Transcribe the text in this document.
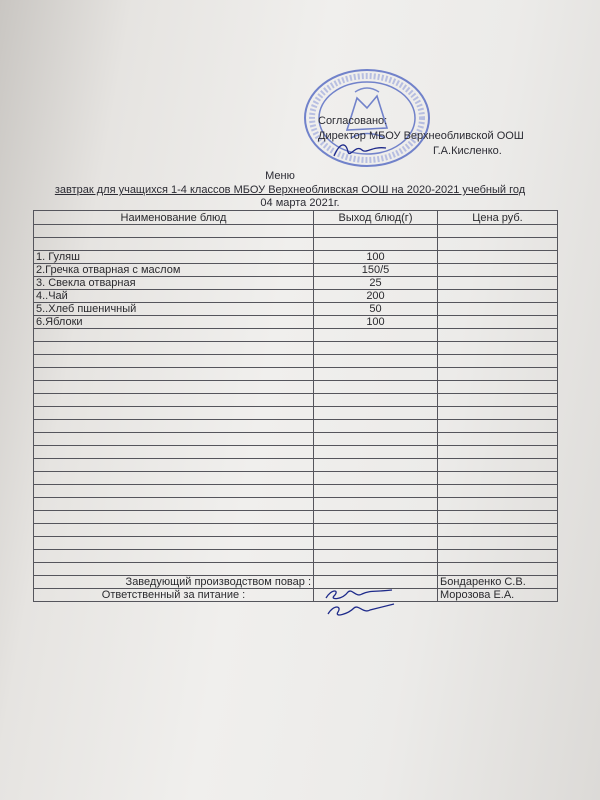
Согласовано:
Директор МБОУ Верхнеобливской ООШ
Г.А.Кисленко.
Меню
завтрак для учащихся 1-4 классов МБОУ Верхнеобливская ООШ на 2020-2021 учебный год
04 марта 2021г.
Наименование блюд	Выход блюд(г)	Цена руб.

1. Гуляш	100	
2.Гречка отварная с маслом	150/5	
3. Свекла отварная	25	
4..Чай	200	
5..Хлеб пшеничный	50	
6.Яблоки	100	

Заведующий производством повар :		Бондаренко С.В.
Ответственный за питание :		Морозова Е.А.
